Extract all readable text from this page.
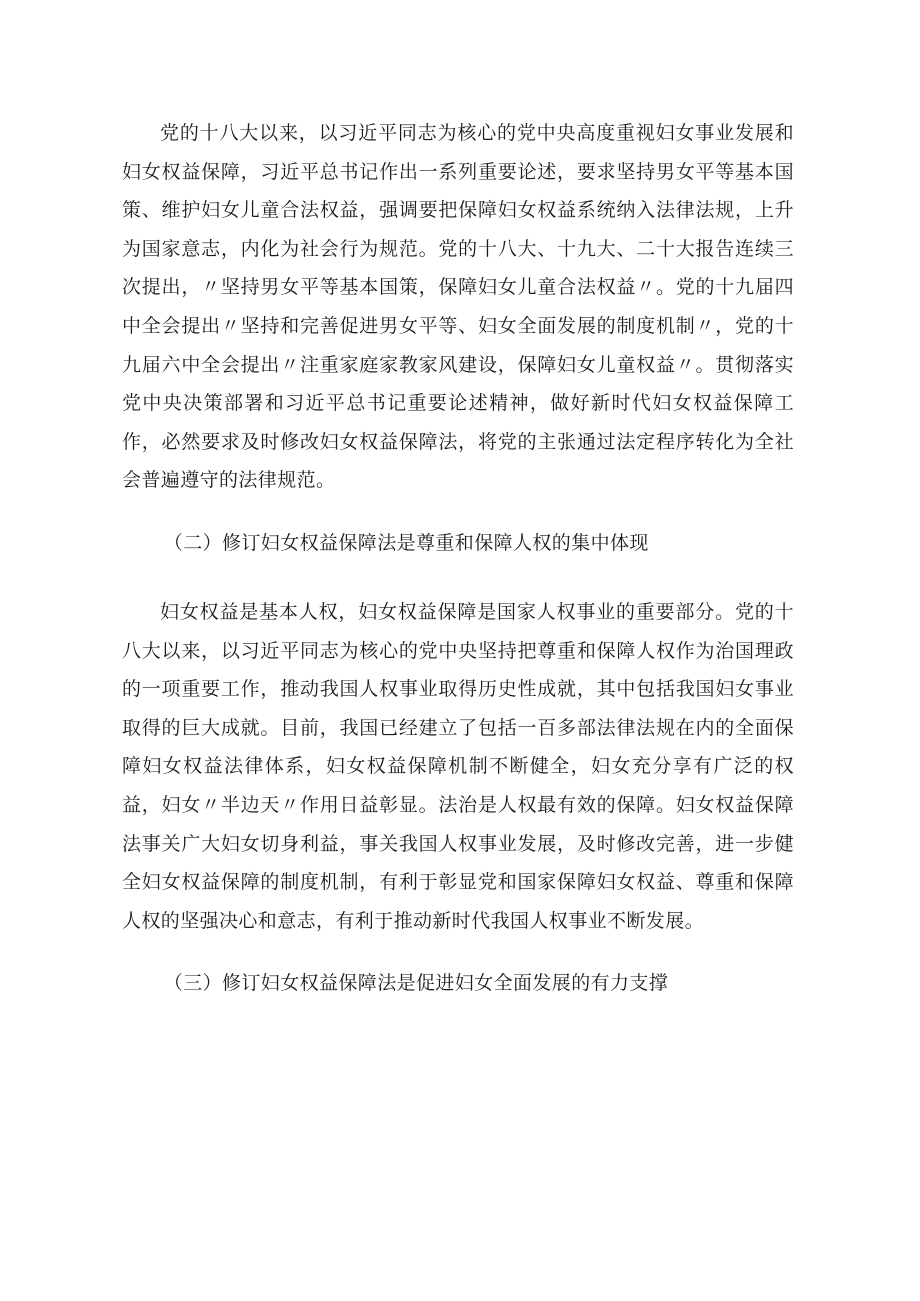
党的十八大以来，以习近平同志为核心的党中央高度重视妇女事业发展和妇女权益保障，习近平总书记作出一系列重要论述，要求坚持男女平等基本国策、维护妇女儿童合法权益，强调要把保障妇女权益系统纳入法律法规，上升为国家意志，内化为社会行为规范。党的十八大、十九大、二十大报告连续三次提出，〃坚持男女平等基本国策，保障妇女儿童合法权益〃。党的十九届四中全会提出〃坚持和完善促进男女平等、妇女全面发展的制度机制〃，党的十九届六中全会提出〃注重家庭家教家风建设，保障妇女儿童权益〃。贯彻落实党中央决策部署和习近平总书记重要论述精神，做好新时代妇女权益保障工作，必然要求及时修改妇女权益保障法，将党的主张通过法定程序转化为全社会普遍遵守的法律规范。

（二）修订妇女权益保障法是尊重和保障人权的集中体现

妇女权益是基本人权，妇女权益保障是国家人权事业的重要部分。党的十八大以来，以习近平同志为核心的党中央坚持把尊重和保障人权作为治国理政的一项重要工作，推动我国人权事业取得历史性成就，其中包括我国妇女事业取得的巨大成就。目前，我国已经建立了包括一百多部法律法规在内的全面保障妇女权益法律体系，妇女权益保障机制不断健全，妇女充分享有广泛的权益，妇女〃半边天〃作用日益彰显。法治是人权最有效的保障。妇女权益保障法事关广大妇女切身利益，事关我国人权事业发展，及时修改完善，进一步健全妇女权益保障的制度机制，有利于彰显党和国家保障妇女权益、尊重和保障人权的坚强决心和意志，有利于推动新时代我国人权事业不断发展。

（三）修订妇女权益保障法是促进妇女全面发展的有力支撑
